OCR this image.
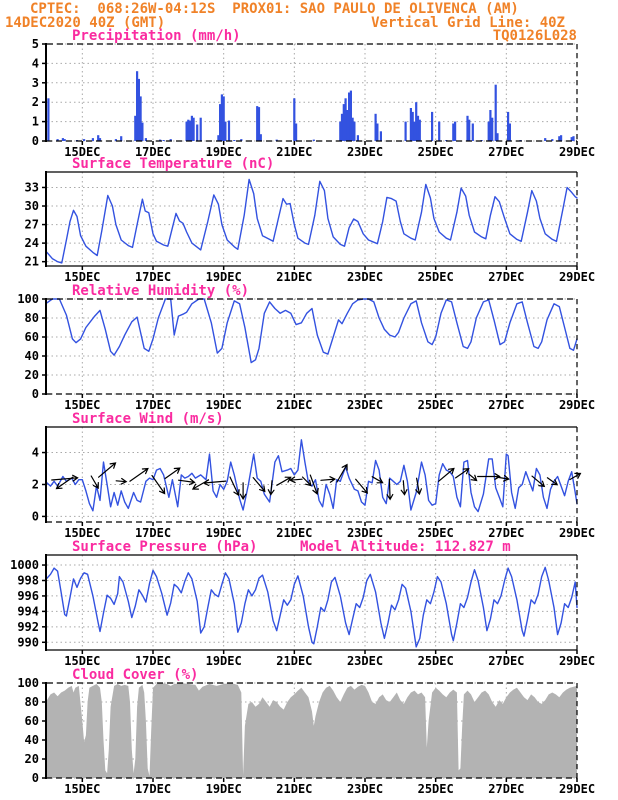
CPTEC:  068:26W-04:12S  PROX01: SAO PAULO DE OLIVENCA (AM)
14DEC2020 40Z (GMT)	Vertical Grid Line: 40Z
TQ0126L028
0
1
2
3
4
5
15DEC	17DEC	19DEC	21DEC	23DEC	25DEC	27DEC	29DEC
21
24
27
30
33
15DEC	17DEC	19DEC	21DEC	23DEC	25DEC	27DEC	29DEC
0
20
40
60
80
100
15DEC	17DEC	19DEC	21DEC	23DEC	25DEC	27DEC	29DEC
0
2
4
15DEC	17DEC	19DEC	21DEC	23DEC	25DEC	27DEC	29DEC
990
992
994
996
998
1000
15DEC	17DEC	19DEC	21DEC	23DEC	25DEC	27DEC	29DEC
0
20
40
60
80
100
15DEC	17DEC	19DEC	21DEC	23DEC	25DEC	27DEC	29DEC
Precipitation (mm/h)
Surface Temperature (nC)
Relative Humidity (%)
Surface Wind (m/s)
Surface Pressure (hPa)	Model Altitude: 112.827 m
Cloud Cover (%)
